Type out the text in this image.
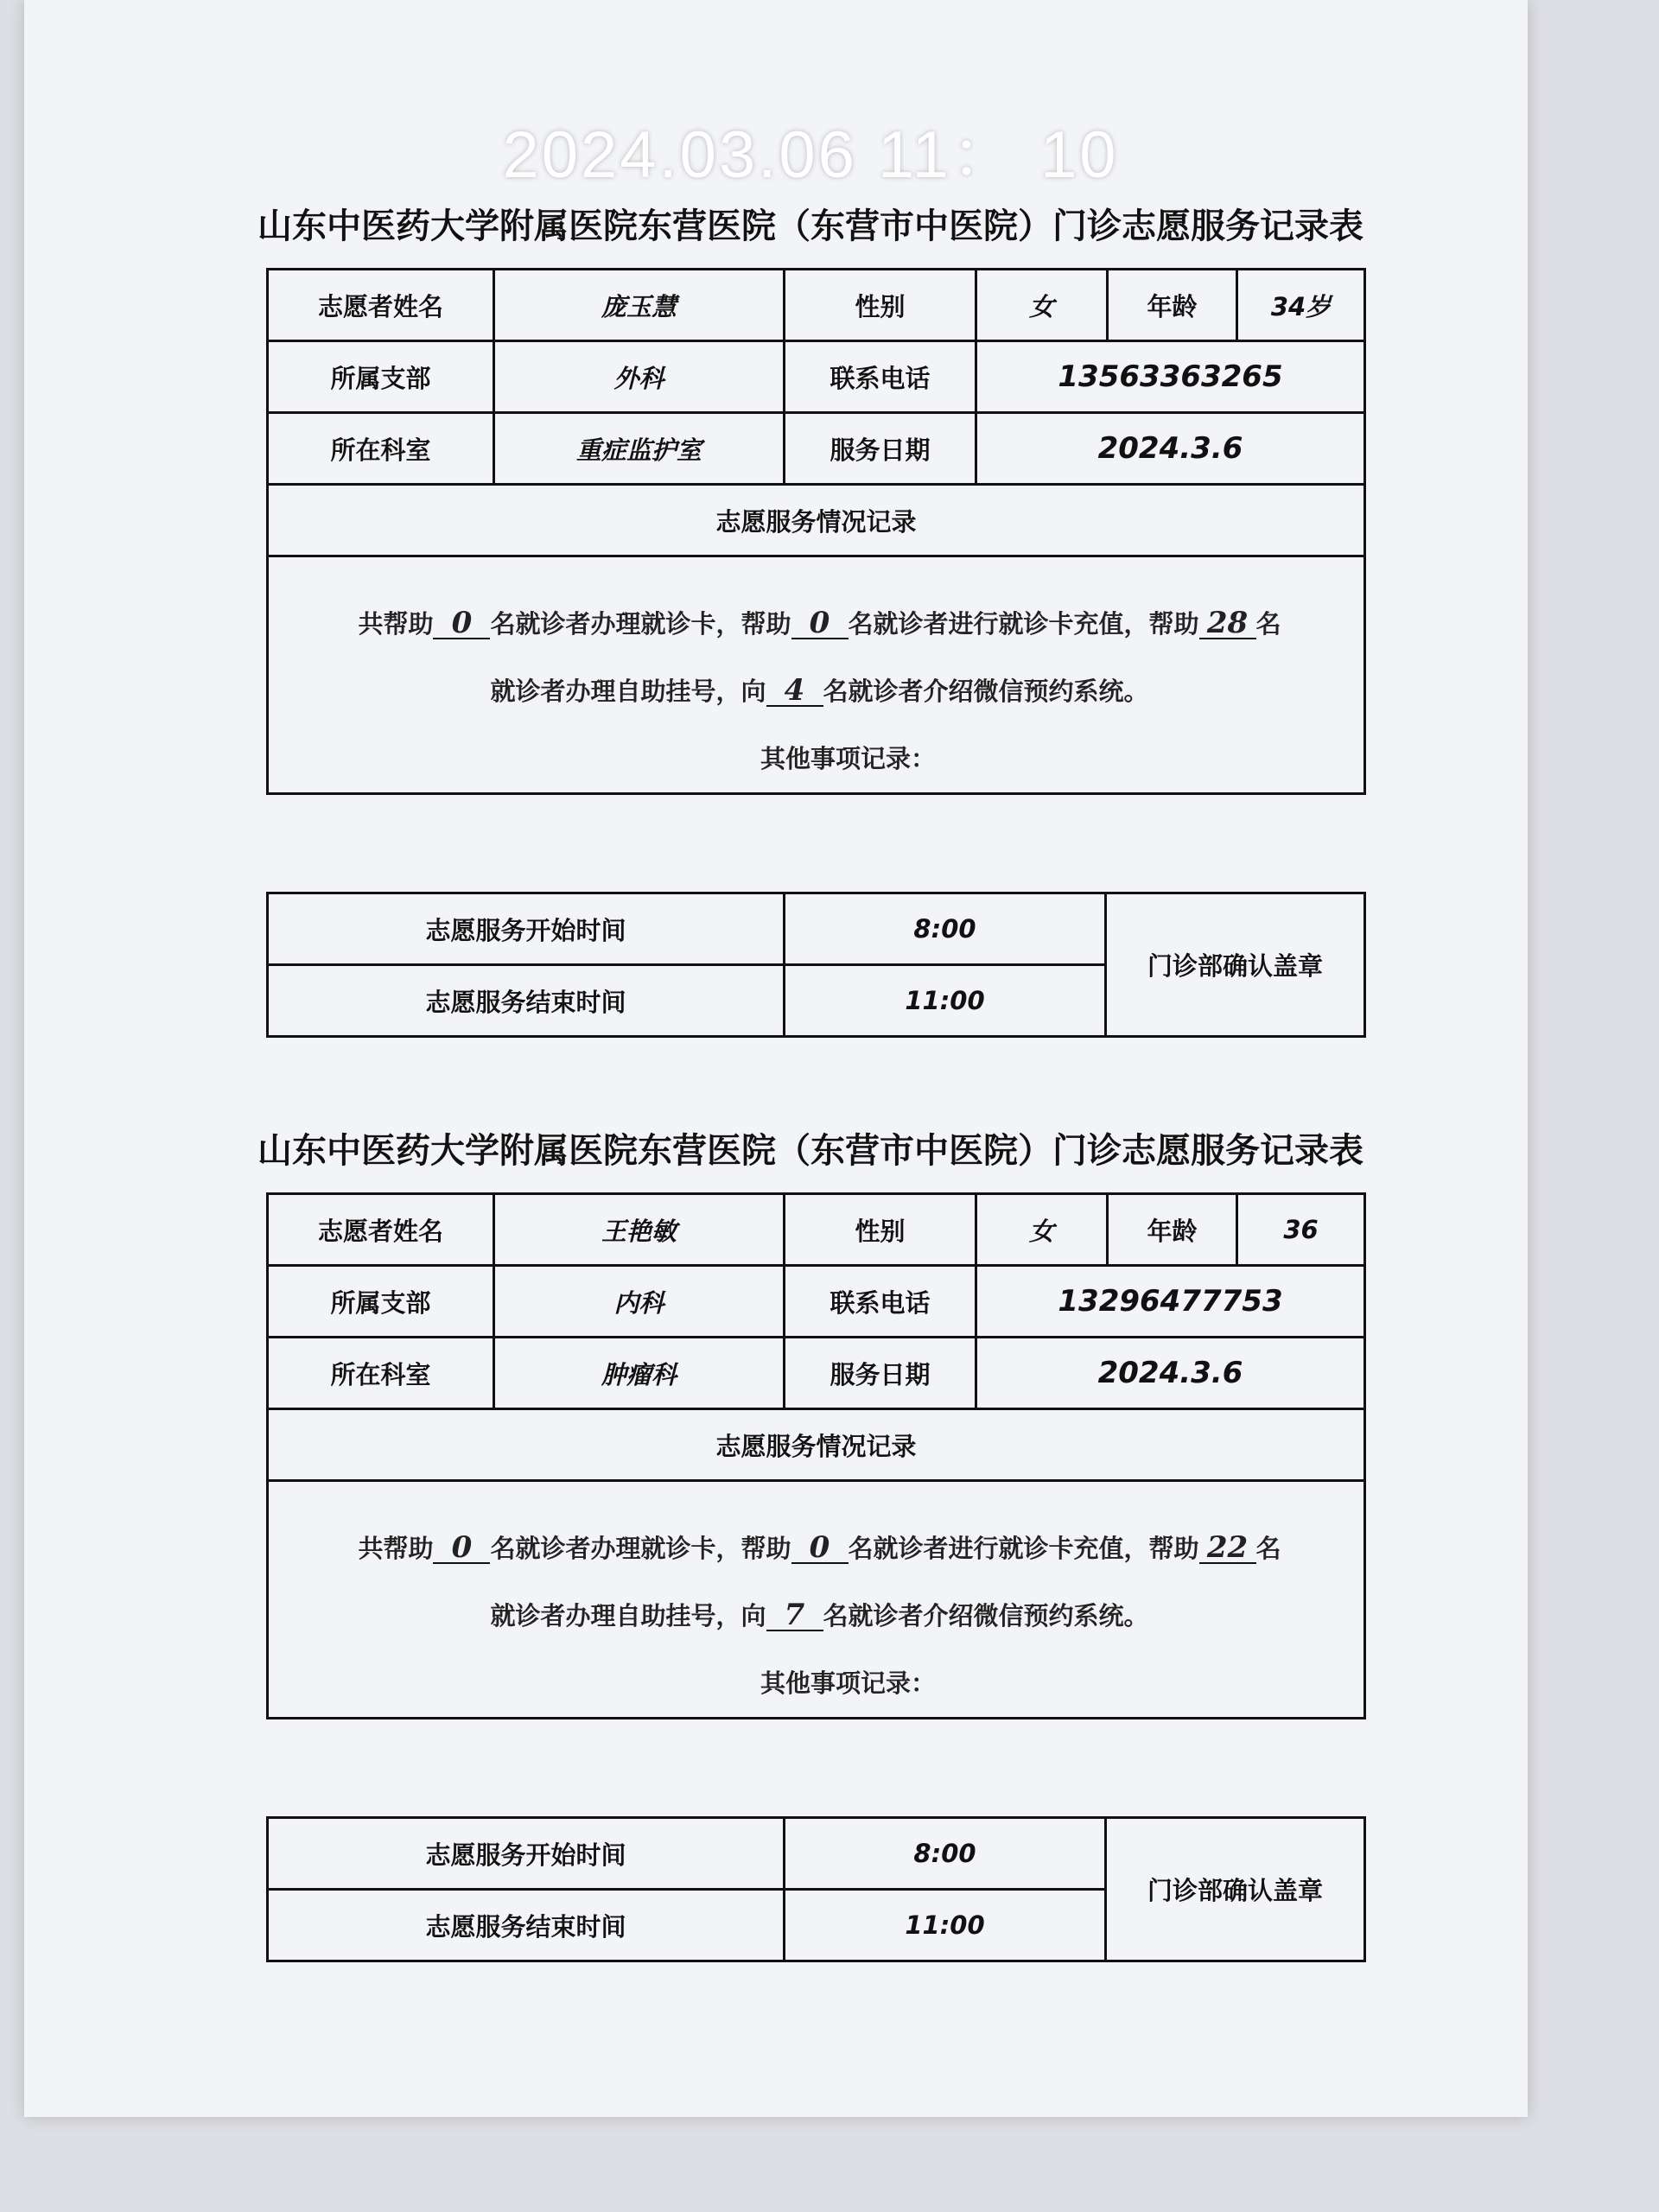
2024.03.06 11： 10
山东中医药大学附属医院东营医院（东营市中医院）门诊志愿服务记录表
志愿者姓名	庞玉慧	性别	女	年龄	34岁
所属支部	外科	联系电话	13563363265		
所在科室	重症监护室	服务日期	2024.3.6		
志愿服务情况记录					

共帮助 0 名就诊者办理就诊卡，帮助 0 名就诊者进行就诊卡充值，帮助 28 名
就诊者办理自助挂号，向 4 名就诊者介绍微信预约系统。
其他事项记录：					
志愿服务开始时间	8:00	门诊部确认盖章
志愿服务结束时间	11:00	
山东中医药大学附属医院东营医院（东营市中医院）门诊志愿服务记录表
志愿者姓名	王艳敏	性别	女	年龄	36
所属支部	内科	联系电话	13296477753		
所在科室	肿瘤科	服务日期	2024.3.6		
志愿服务情况记录					

共帮助 0 名就诊者办理就诊卡，帮助 0 名就诊者进行就诊卡充值，帮助 22 名
就诊者办理自助挂号，向 7 名就诊者介绍微信预约系统。
其他事项记录：					
志愿服务开始时间	8:00	门诊部确认盖章
志愿服务结束时间	11:00	
